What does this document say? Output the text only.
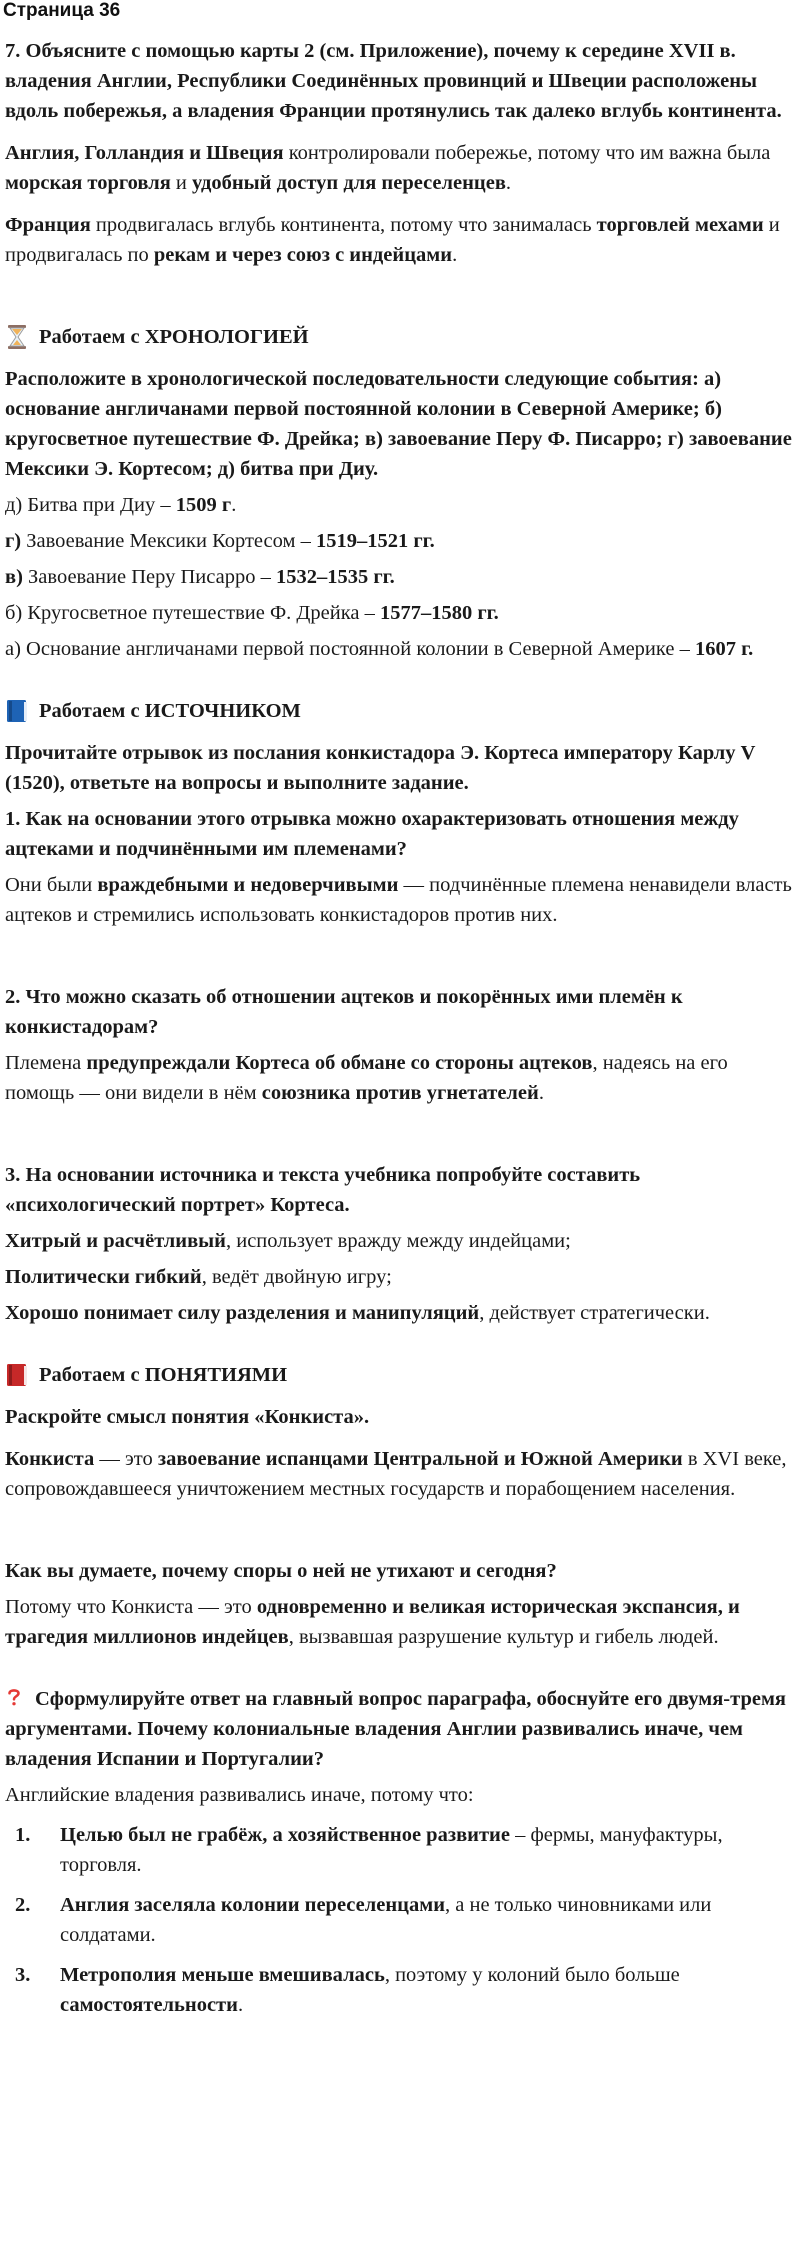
Страница 36

7. Объясните с помощью карты 2 (см. Приложение), почему к середине XVII в. владения Англии, Республики Соединённых провинций и Швеции расположены вдоль побережья, а владения Франции протянулись так далеко вглубь континента.

Англия, Голландия и Швеция контролировали побережье, потому что им важна была морская торговля и удобный доступ для переселенцев.

Франция продвигалась вглубь континента, потому что занималась торговлей мехами и продвигалась по рекам и через союз с индейцами.

Работаем с ХРОНОЛОГИЕЙ

Расположите в хронологической последовательности следующие события: а) основание англичанами первой постоянной колонии в Северной Америке; б) кругосветное путешествие Ф. Дрейка; в) завоевание Перу Ф. Писарро; г) завоевание Мексики Э. Кортесом; д) битва при Диу.

д) Битва при Диу – 1509 г.

г) Завоевание Мексики Кортесом – 1519–1521 гг.

в) Завоевание Перу Писарро – 1532–1535 гг.

б) Кругосветное путешествие Ф. Дрейка – 1577–1580 гг.

а) Основание англичанами первой постоянной колонии в Северной Америке – 1607 г.

Работаем с ИСТОЧНИКОМ

Прочитайте отрывок из послания конкистадора Э. Кортеса императору Карлу V (1520), ответьте на вопросы и выполните задание.

1. Как на основании этого отрывка можно охарактеризовать отношения между ацтеками и подчинёнными им племенами?

Они были враждебными и недоверчивыми — подчинённые племена ненавидели власть ацтеков и стремились использовать конкистадоров против них.

2. Что можно сказать об отношении ацтеков и покорённых ими племён к конкистадорам?

Племена предупреждали Кортеса об обмане со стороны ацтеков, надеясь на его помощь — они видели в нём союзника против угнетателей.

3. На основании источника и текста учебника попробуйте составить «психологический портрет» Кортеса.

Хитрый и расчётливый, использует вражду между индейцами;

Политически гибкий, ведёт двойную игру;

Хорошо понимает силу разделения и манипуляций, действует стратегически.

Работаем с ПОНЯТИЯМИ

Раскройте смысл понятия «Конкиста».

Конкиста — это завоевание испанцами Центральной и Южной Америки в XVI веке, сопровождавшееся уничтожением местных государств и порабощением населения.

Как вы думаете, почему споры о ней не утихают и сегодня?

Потому что Конкиста — это одновременно и великая историческая экспансия, и трагедия миллионов индейцев, вызвавшая разрушение культур и гибель людей.

Сформулируйте ответ на главный вопрос параграфа, обоснуйте его двумя-тремя аргументами. Почему колониальные владения Англии развивались иначе, чем владения Испании и Португалии?

Английские владения развивались иначе, потому что:

1.	Целью был не грабёж, а хозяйственное развитие – фермы, мануфактуры, торговля.
2.	Англия заселяла колонии переселенцами, а не только чиновниками или солдатами.
3.	Метрополия меньше вмешивалась, поэтому у колоний было больше самостоятельности.
